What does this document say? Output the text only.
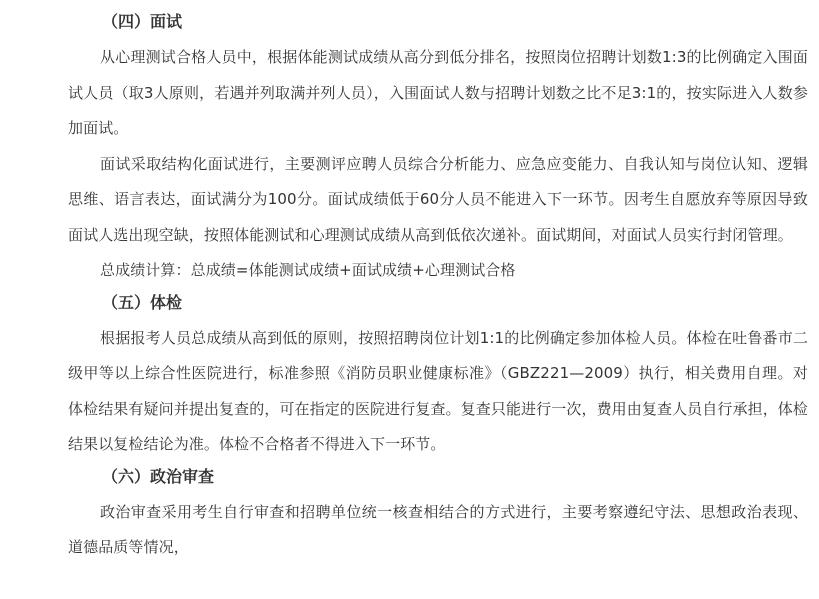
（四）面试

从心理测试合格人员中，根据体能测试成绩从高分到低分排名，按照岗位招聘计划数1:3的比例确定入围面试人员（取3人原则，若遇并列取满并列人员），入围面试人数与招聘计划数之比不足3:1的，按实际进入人数参加面试。

面试采取结构化面试进行，主要测评应聘人员综合分析能力、应急应变能力、自我认知与岗位认知、逻辑思维、语言表达，面试满分为100分。面试成绩低于60分人员不能进入下一环节。因考生自愿放弃等原因导致面试人选出现空缺，按照体能测试和心理测试成绩从高到低依次递补。面试期间，对面试人员实行封闭管理。

总成绩计算：总成绩=体能测试成绩+面试成绩+心理测试合格

（五）体检

根据报考人员总成绩从高到低的原则，按照招聘岗位计划1:1的比例确定参加体检人员。体检在吐鲁番市二级甲等以上综合性医院进行，标准参照《消防员职业健康标准》（GBZ221—2009）执行，相关费用自理。对体检结果有疑问并提出复查的，可在指定的医院进行复查。复查只能进行一次，费用由复查人员自行承担，体检结果以复检结论为准。体检不合格者不得进入下一环节。

（六）政治审查

政治审查采用考生自行审查和招聘单位统一核查相结合的方式进行，主要考察遵纪守法、思想政治表现、道德品质等情况，
